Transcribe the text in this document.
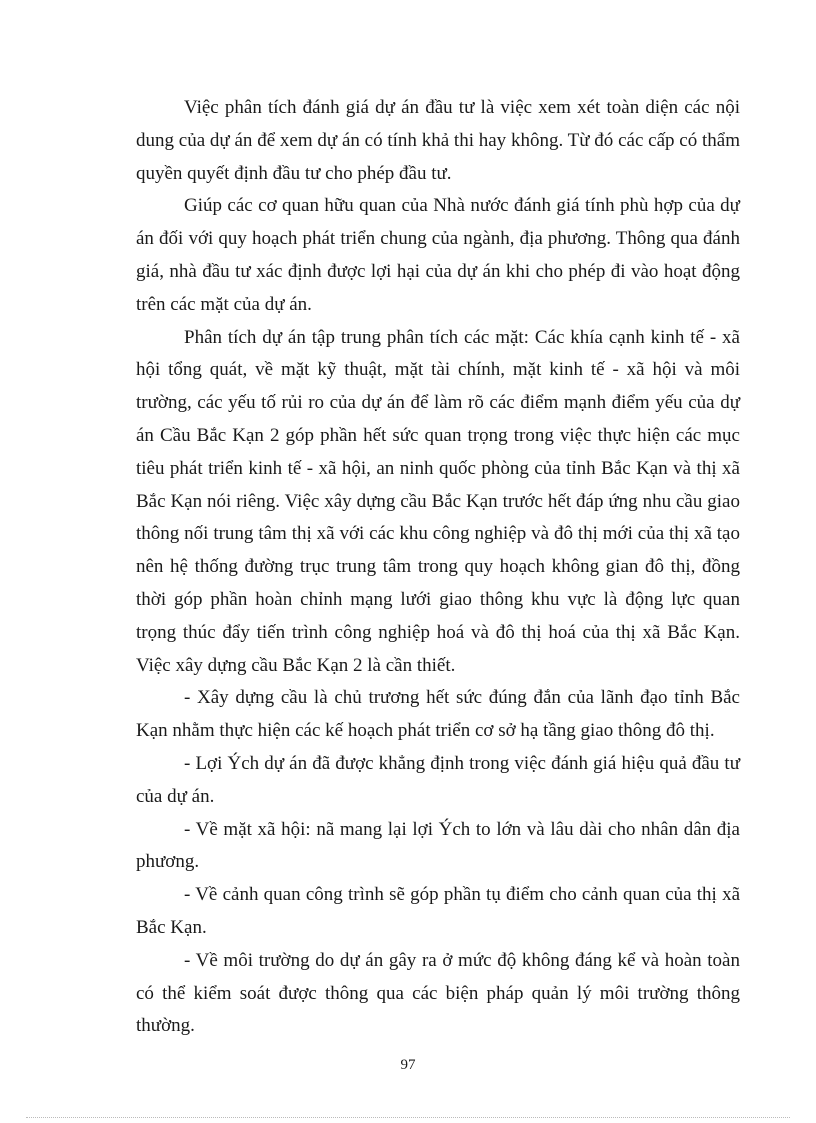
Việc phân tích đánh giá dự án đầu tư là việc xem xét toàn diện các nội dung của dự án để xem dự án có tính khả thi hay không. Từ đó các cấp có thẩm quyền quyết định đầu tư cho phép đầu tư.

Giúp các cơ quan hữu quan của Nhà nước đánh giá tính phù hợp của dự án đối với quy hoạch phát triển chung của ngành, địa phương. Thông qua đánh giá, nhà đầu tư xác định được lợi hại của dự án khi cho phép đi vào hoạt động trên các mặt của dự án.

Phân tích dự án tập trung phân tích các mặt: Các khía cạnh kinh tế - xã hội tổng quát, về mặt kỹ thuật, mặt tài chính, mặt kinh tế - xã hội và môi trường, các yếu tố rủi ro của dự án để làm rõ các điểm mạnh điểm yếu của dự án Cầu Bắc Kạn 2 góp phần hết sức quan trọng trong việc thực hiện các mục tiêu phát triển kinh tế - xã hội, an ninh quốc phòng của tỉnh Bắc Kạn và thị xã Bắc Kạn nói riêng. Việc xây dựng cầu Bắc Kạn trước hết đáp ứng nhu cầu giao thông nối trung tâm thị xã với các khu công nghiệp và đô thị mới của thị xã tạo nên hệ thống đường trục trung tâm trong quy hoạch không gian đô thị, đồng thời góp phần hoàn chỉnh mạng lưới giao thông khu vực là động lực quan trọng thúc đẩy tiến trình công nghiệp hoá và đô thị hoá của thị xã Bắc Kạn. Việc xây dựng cầu Bắc Kạn 2 là cần thiết.

- Xây dựng cầu là chủ trương hết sức đúng đắn của lãnh đạo tỉnh Bắc Kạn nhằm thực hiện các kế hoạch phát triển cơ sở hạ tầng giao thông đô thị.

- Lợi Ých dự án đã được khẳng định trong việc đánh giá hiệu quả đầu tư của dự án.

- Về mặt xã hội: nã mang lại lợi Ých to lớn và lâu dài cho nhân dân địa phương.

- Về cảnh quan công trình sẽ góp phần tụ điểm cho cảnh quan của thị xã Bắc Kạn.

- Về môi trường do dự án gây ra ở mức độ không đáng kể và hoàn toàn có thể kiểm soát được thông qua các biện pháp quản lý môi trường thông thường.

97
